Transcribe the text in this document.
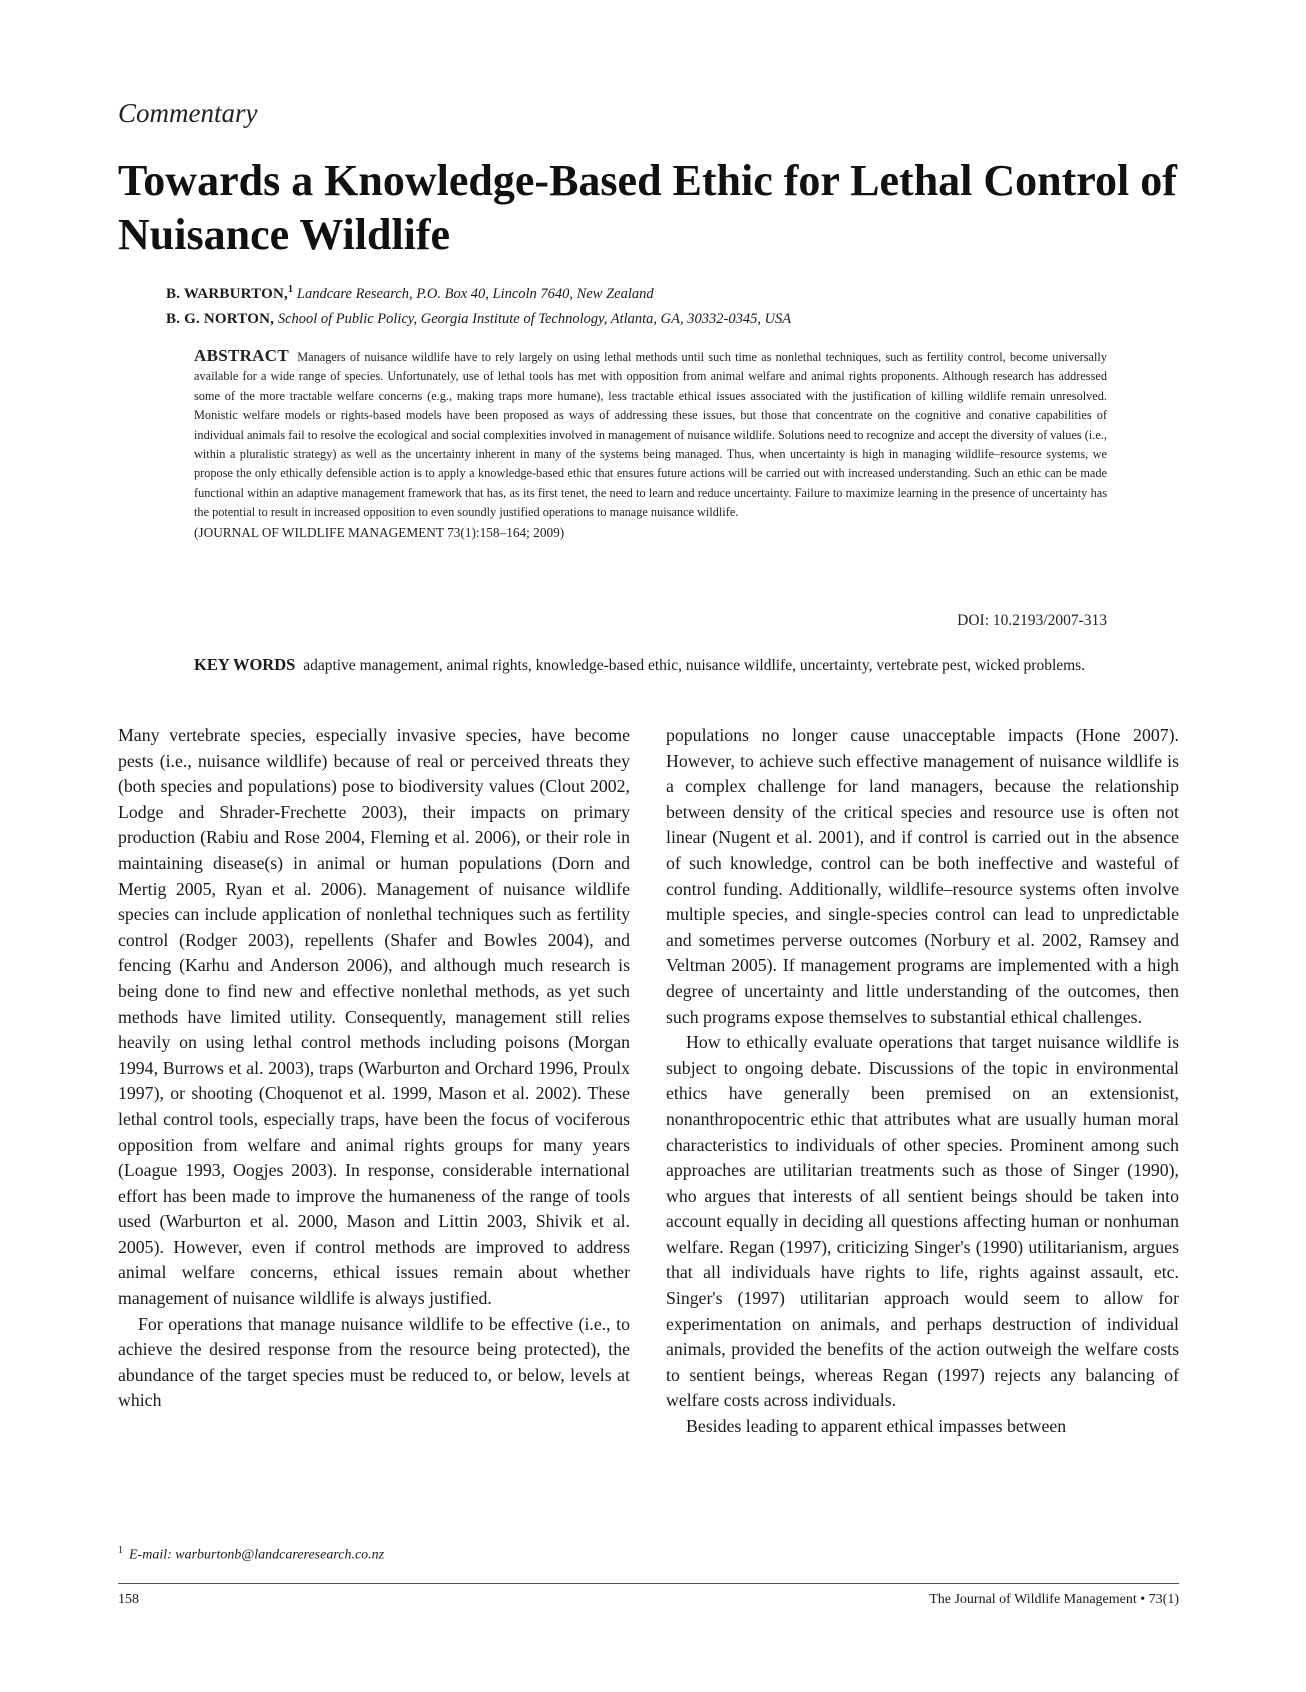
Commentary
Towards a Knowledge-Based Ethic for Lethal Control of Nuisance Wildlife
B. WARBURTON,$^1$ Landcare Research, P.O. Box 40, Lincoln 7640, New Zealand
B. G. NORTON, School of Public Policy, Georgia Institute of Technology, Atlanta, GA, 30332-0345, USA
ABSTRACT Managers of nuisance wildlife have to rely largely on using lethal methods until such time as nonlethal techniques, such as fertility control, become universally available for a wide range of species. Unfortunately, use of lethal tools has met with opposition from animal welfare and animal rights proponents. Although research has addressed some of the more tractable welfare concerns (e.g., making traps more humane), less tractable ethical issues associated with the justification of killing wildlife remain unresolved. Monistic welfare models or rights-based models have been proposed as ways of addressing these issues, but those that concentrate on the cognitive and conative capabilities of individual animals fail to resolve the ecological and social complexities involved in management of nuisance wildlife. Solutions need to recognize and accept the diversity of values (i.e., within a pluralistic strategy) as well as the uncertainty inherent in many of the systems being managed. Thus, when uncertainty is high in managing wildlife–resource systems, we propose the only ethically defensible action is to apply a knowledge-based ethic that ensures future actions will be carried out with increased understanding. Such an ethic can be made functional within an adaptive management framework that has, as its first tenet, the need to learn and reduce uncertainty. Failure to maximize learning in the presence of uncertainty has the potential to result in increased opposition to even soundly justified operations to manage nuisance wildlife.
(JOURNAL OF WILDLIFE MANAGEMENT 73(1):158–164; 2009)
DOI: 10.2193/2007-313
KEY WORDS adaptive management, animal rights, knowledge-based ethic, nuisance wildlife, uncertainty, vertebrate pest, wicked problems.

Many vertebrate species, especially invasive species, have become pests (i.e., nuisance wildlife) because of real or perceived threats they (both species and populations) pose to biodiversity values (Clout 2002, Lodge and Shrader-Frechette 2003), their impacts on primary production (Rabiu and Rose 2004, Fleming et al. 2006), or their role in maintaining disease(s) in animal or human populations (Dorn and Mertig 2005, Ryan et al. 2006). Management of nuisance wildlife species can include application of nonlethal techniques such as fertility control (Rodger 2003), repellents (Shafer and Bowles 2004), and fencing (Karhu and Anderson 2006), and although much research is being done to find new and effective nonlethal methods, as yet such methods have limited utility. Consequently, management still relies heavily on using lethal control methods including poisons (Morgan 1994, Burrows et al. 2003), traps (Warburton and Orchard 1996, Proulx 1997), or shooting (Choquenot et al. 1999, Mason et al. 2002). These lethal control tools, especially traps, have been the focus of vociferous opposition from welfare and animal rights groups for many years (Loague 1993, Oogjes 2003). In response, considerable international effort has been made to improve the humaneness of the range of tools used (Warburton et al. 2000, Mason and Littin 2003, Shivik et al. 2005). However, even if control methods are improved to address animal welfare concerns, ethical issues remain about whether management of nuisance wildlife is always justified.

For operations that manage nuisance wildlife to be effective (i.e., to achieve the desired response from the resource being protected), the abundance of the target species must be reduced to, or below, levels at which

populations no longer cause unacceptable impacts (Hone 2007). However, to achieve such effective management of nuisance wildlife is a complex challenge for land managers, because the relationship between density of the critical species and resource use is often not linear (Nugent et al. 2001), and if control is carried out in the absence of such knowledge, control can be both ineffective and wasteful of control funding. Additionally, wildlife–resource systems often involve multiple species, and single-species control can lead to unpredictable and sometimes perverse outcomes (Norbury et al. 2002, Ramsey and Veltman 2005). If management programs are implemented with a high degree of uncertainty and little understanding of the outcomes, then such programs expose themselves to substantial ethical challenges.

How to ethically evaluate operations that target nuisance wildlife is subject to ongoing debate. Discussions of the topic in environmental ethics have generally been premised on an extensionist, nonanthropocentric ethic that attributes what are usually human moral characteristics to individuals of other species. Prominent among such approaches are utilitarian treatments such as those of Singer (1990), who argues that interests of all sentient beings should be taken into account equally in deciding all questions affecting human or nonhuman welfare. Regan (1997), criticizing Singer's (1990) utilitarianism, argues that all individuals have rights to life, rights against assault, etc. Singer's (1997) utilitarian approach would seem to allow for experimentation on animals, and perhaps destruction of individual animals, provided the benefits of the action outweigh the welfare costs to sentient beings, whereas Regan (1997) rejects any balancing of welfare costs across individuals.

Besides leading to apparent ethical impasses between

$^1$ E-mail: warburtonb@landcareresearch.co.nz
158	The Journal of Wildlife Management • 73(1)
